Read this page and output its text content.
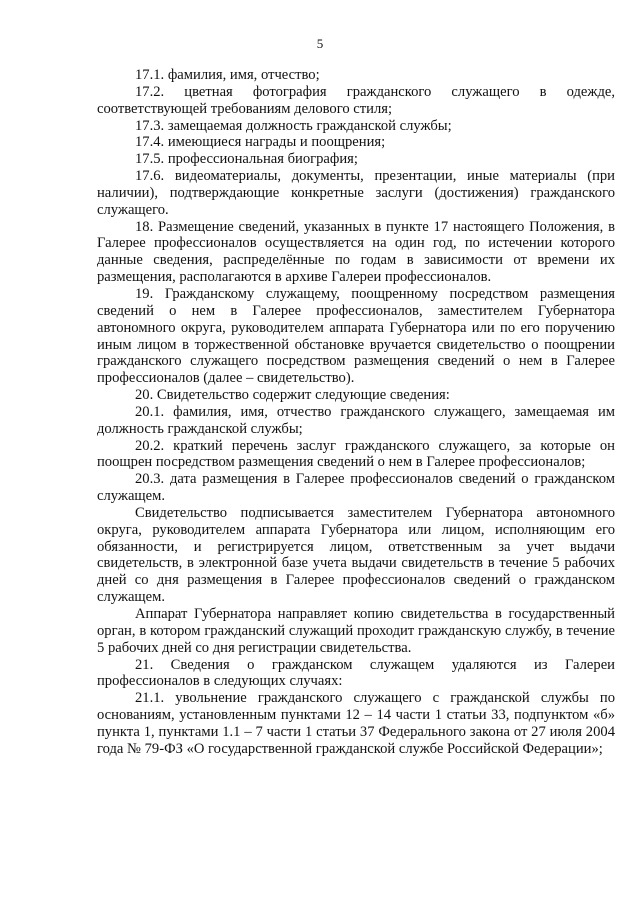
5

17.1. фамилия, имя, отчество;

17.2. цветная фотография гражданского служащего в одежде, соответствующей требованиям делового стиля;

17.3. замещаемая должность гражданской службы;

17.4. имеющиеся награды и поощрения;

17.5. профессиональная биография;

17.6. видеоматериалы, документы, презентации, иные материалы (при наличии), подтверждающие конкретные заслуги (достижения) гражданского служащего.

18. Размещение сведений, указанных в пункте 17 настоящего Положения, в Галерее профессионалов осуществляется на один год, по истечении которого данные сведения, распределённые по годам в зависимости от времени их размещения, располагаются в архиве Галереи профессионалов.

19. Гражданскому служащему, поощренному посредством размещения сведений о нем в Галерее профессионалов, заместителем Губернатора автономного округа, руководителем аппарата Губернатора или по его поручению иным лицом в торжественной обстановке вручается свидетельство о поощрении гражданского служащего посредством размещения сведений о нем в Галерее профессионалов (далее – свидетельство).

20. Свидетельство содержит следующие сведения:

20.1. фамилия, имя, отчество гражданского служащего, замещаемая им должность гражданской службы;

20.2. краткий перечень заслуг гражданского служащего, за которые он поощрен посредством размещения сведений о нем в Галерее профессионалов;

20.3. дата размещения в Галерее профессионалов сведений о гражданском служащем.

Свидетельство подписывается заместителем Губернатора автономного округа, руководителем аппарата Губернатора или лицом, исполняющим его обязанности, и регистрируется лицом, ответственным за учет выдачи свидетельств, в электронной базе учета выдачи свидетельств в течение 5 рабочих дней со дня размещения в Галерее профессионалов сведений о гражданском служащем.

Аппарат Губернатора направляет копию свидетельства в государственный орган, в котором гражданский служащий проходит гражданскую службу, в течение 5 рабочих дней со дня регистрации свидетельства.

21. Сведения о гражданском служащем удаляются из Галереи профессионалов в следующих случаях:

21.1. увольнение гражданского служащего с гражданской службы по основаниям, установленным пунктами 12 – 14 части 1 статьи 33, подпунктом «б» пункта 1, пунктами 1.1 – 7 части 1 статьи 37 Федерального закона от 27 июля 2004 года № 79-ФЗ «О государственной гражданской службе Российской Федерации»;
